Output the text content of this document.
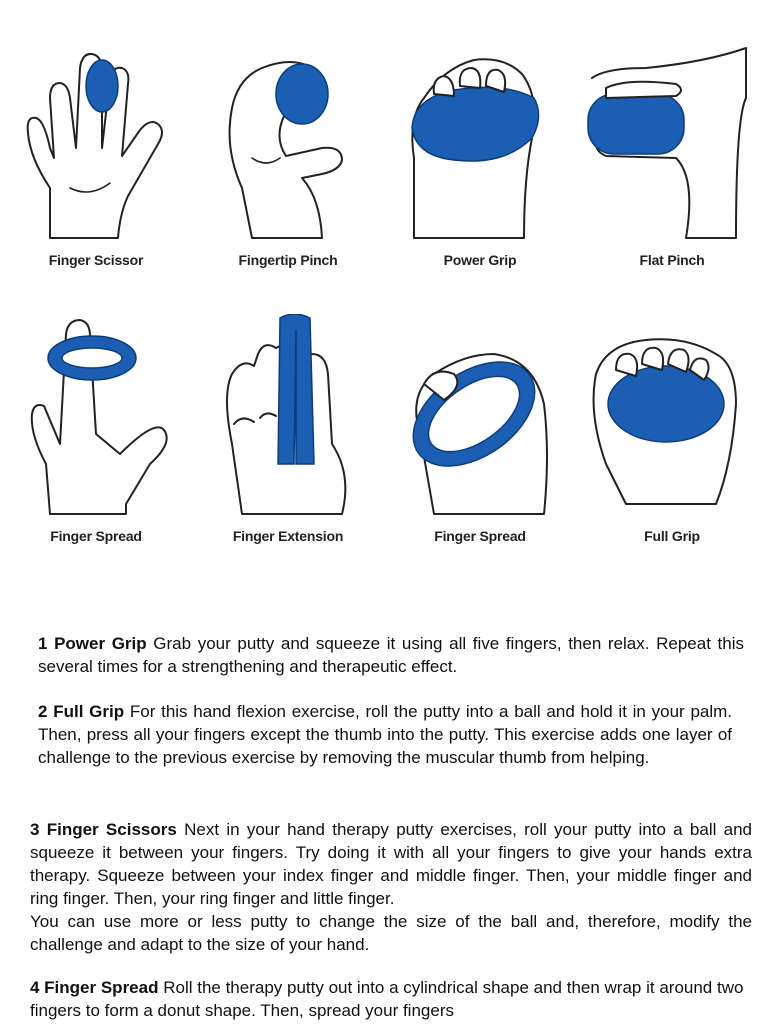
Finger Scissor	Fingertip Pinch	Power Grip	Flat Pinch
Finger Spread	Finger Extension	Finger Spread	Full Grip
1 Power Grip Grab your putty and squeeze it using all five fingers, then relax. Repeat this several times for a strengthening and therapeutic effect.
2 Full Grip For this hand flexion exercise, roll the putty into a ball and hold it in your palm. Then, press all your fingers except the thumb into the putty. This exercise adds one layer of challenge to the previous exercise by removing the muscular thumb from helping.
3 Finger Scissors Next in your hand therapy putty exercises, roll your putty into a ball and squeeze it between your fingers. Try doing it with all your fingers to give your hands extra therapy. Squeeze between your index finger and middle finger. Then, your middle finger and ring finger. Then, your ring finger and little finger.
You can use more or less putty to change the size of the ball and, therefore, modify the challenge and adapt to the size of your hand.
4 Finger Spread Roll the therapy putty out into a cylindrical shape and then wrap it around two fingers to form a donut shape. Then, spread your fingers
